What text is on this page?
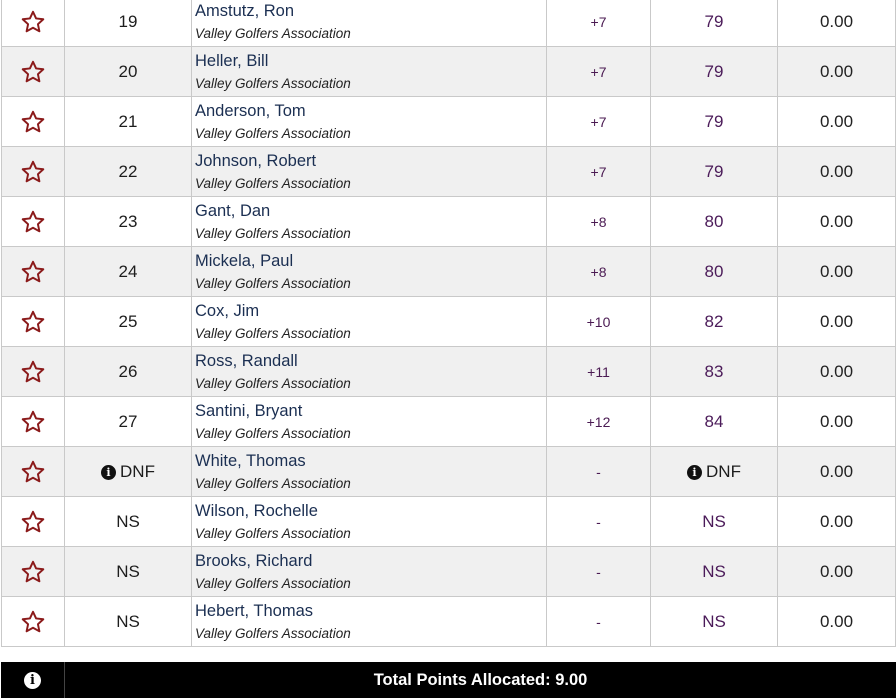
	19	Amstutz, Ron
Valley Golfers Association	+7	79	0.00

	20	Heller, Bill
Valley Golfers Association	+7	79	0.00

	21	Anderson, Tom
Valley Golfers Association	+7	79	0.00

	22	Johnson, Robert
Valley Golfers Association	+7	79	0.00

	23	Gant, Dan
Valley Golfers Association	+8	80	0.00

	24	Mickela, Paul
Valley Golfers Association	+8	80	0.00

	25	Cox, Jim
Valley Golfers Association	+10	82	0.00

	26	Ross, Randall
Valley Golfers Association	+11	83	0.00

	27	Santini, Bryant
Valley Golfers Association	+12	84	0.00

	i DNF	White, Thomas
Valley Golfers Association	-	i DNF	0.00

	NS	Wilson, Rochelle
Valley Golfers Association	-	NS	0.00

	NS	Brooks, Richard
Valley Golfers Association	-	NS	0.00

	NS	Hebert, Thomas
Valley Golfers Association	-	NS	0.00
i	Total Points Allocated: 9.00
